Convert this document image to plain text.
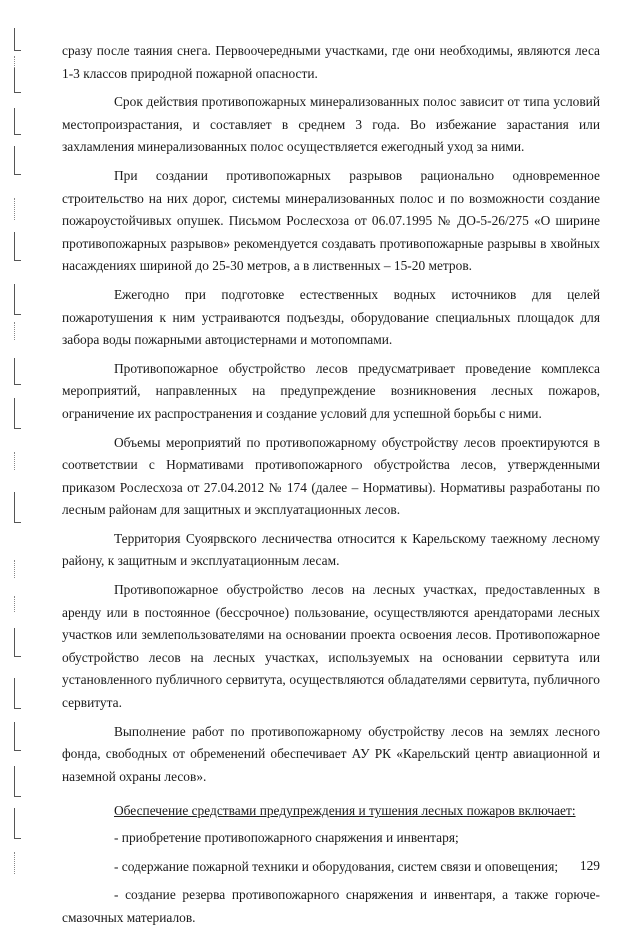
сразу после таяния снега. Первоочередными участками, где они необходимы, являются леса 1-3 классов природной пожарной опасности.

Срок действия противопожарных минерализованных полос зависит от типа условий местопроизрастания, и составляет в среднем 3 года. Во избежание зарастания или захламления минерализованных полос осуществляется ежегодный уход за ними.

При создании противопожарных разрывов рационально одновременное строительство на них дорог, системы минерализованных полос и по возможности создание пожароустойчивых опушек. Письмом Рослесхоза от 06.07.1995 № ДО-5-26/275 «О ширине противопожарных разрывов» рекомендуется создавать противопожарные разрывы в хвойных насаждениях шириной до 25-30 метров, а в лиственных – 15-20 метров.

Ежегодно при подготовке естественных водных источников для целей пожаротушения к ним устраиваются подъезды, оборудование специальных площадок для забора воды пожарными автоцистернами и мотопомпами.

Противопожарное обустройство лесов предусматривает проведение комплекса мероприятий, направленных на предупреждение возникновения лесных пожаров, ограничение их распространения и создание условий для успешной борьбы с ними.

Объемы мероприятий по противопожарному обустройству лесов проектируются в соответствии с Нормативами противопожарного обустройства лесов, утвержденными приказом Рослесхоза от 27.04.2012 № 174 (далее – Нормативы). Нормативы разработаны по лесным районам для защитных и эксплуатационных лесов.

Территория Суоярвского лесничества относится к Карельскому таежному лесному району, к защитным и эксплуатационным лесам.

Противопожарное обустройство лесов на лесных участках, предоставленных в аренду или в постоянное (бессрочное) пользование, осуществляются арендаторами лесных участков или землепользователями на основании проекта освоения лесов. Противопожарное обустройство лесов на лесных участках, используемых на основании сервитута или установленного публичного сервитута, осуществляются обладателями сервитута, публичного сервитута.

Выполнение работ по противопожарному обустройству лесов на землях лесного фонда, свободных от обременений обеспечивает АУ РК «Карельский центр авиационной и наземной охраны лесов».

Обеспечение средствами предупреждения и тушения лесных пожаров включает:

- приобретение противопожарного снаряжения и инвентаря;

- содержание пожарной техники и оборудования, систем связи и оповещения;

- создание резерва противопожарного снаряжения и инвентаря, а также горюче-смазочных материалов.

129
